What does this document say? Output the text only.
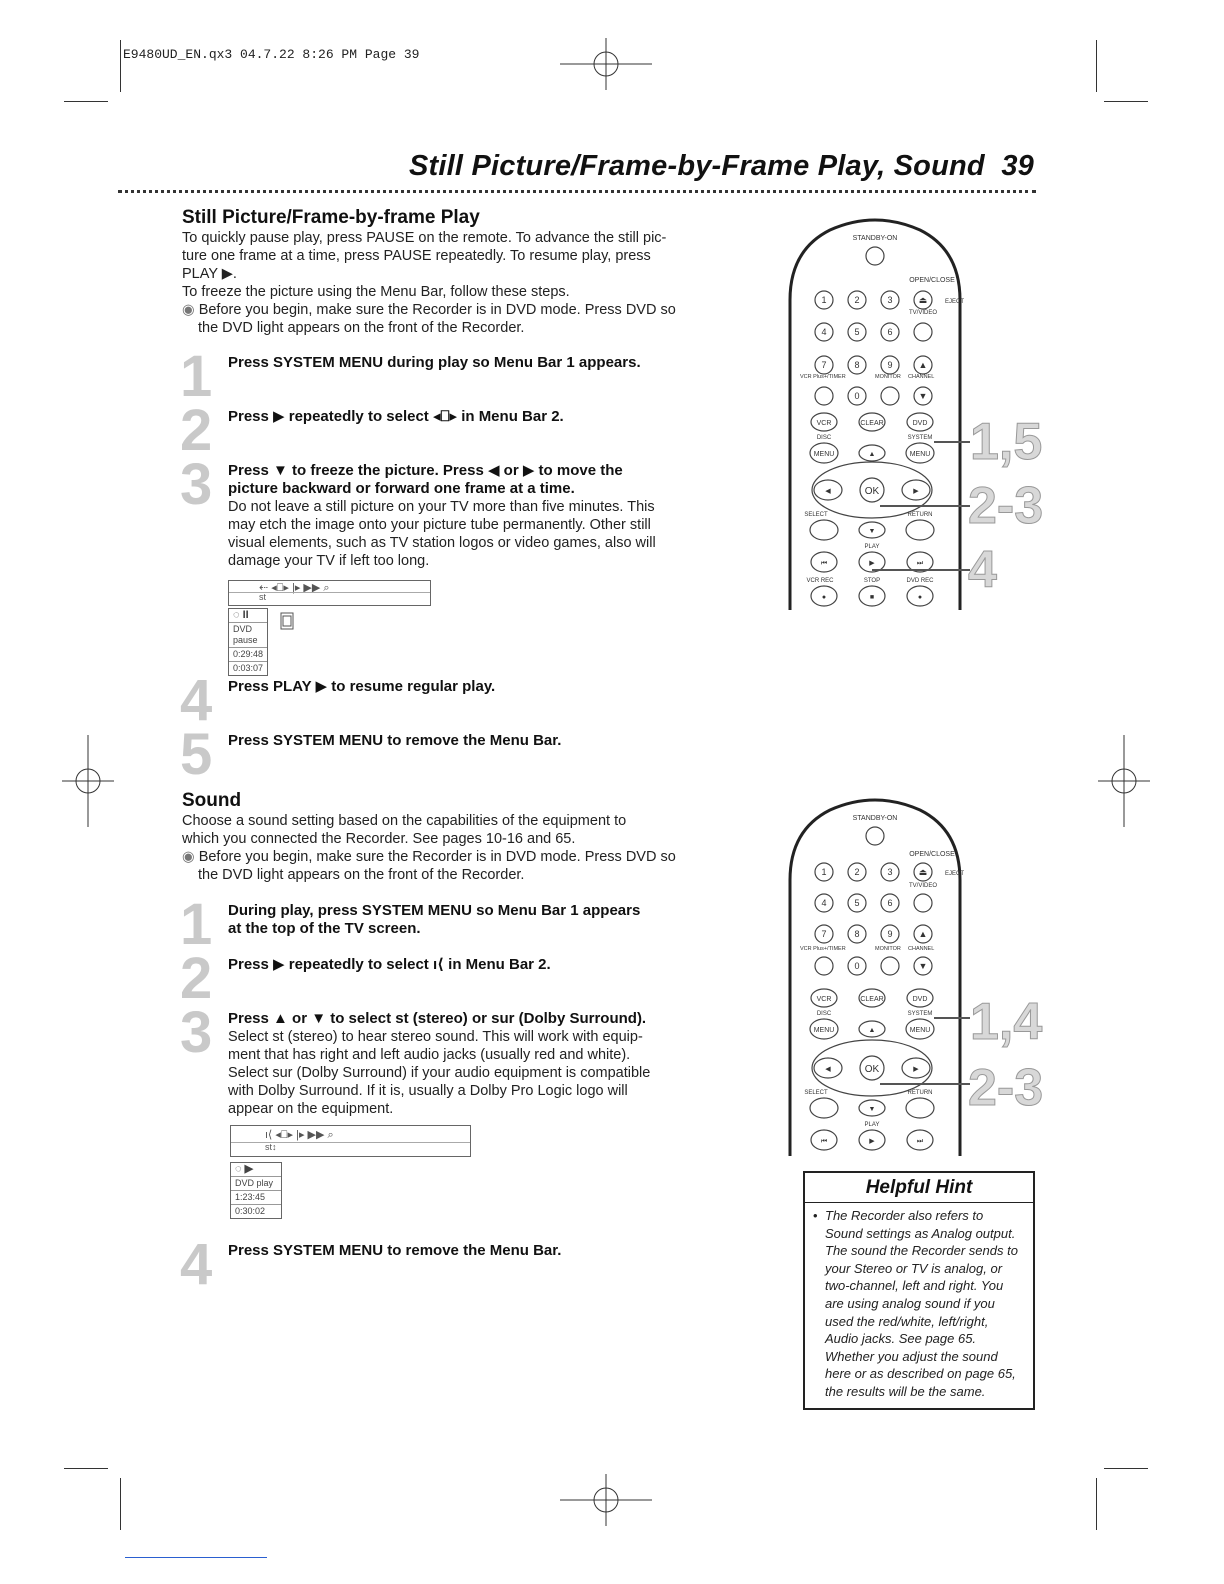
E9480UD_EN.qx3 04.7.22 8:26 PM Page 39
Still Picture/Frame-by-Frame Play, Sound 39
Still Picture/Frame-by-frame Play
To quickly pause play, press PAUSE on the remote. To advance the still pic-
ture one frame at a time, press PAUSE repeatedly. To resume play, press
PLAY ▶.
To freeze the picture using the Menu Bar, follow these steps.
◉ Before you begin, make sure the Recorder is in DVD mode. Press DVD so
the DVD light appears on the front of the Recorder.
1 Press SYSTEM MENU during play so Menu Bar 1 appears.
2 Press ▶ repeatedly to select ◂⎕▸ in Menu Bar 2.
3 Press ▼ to freeze the picture. Press ◀ or ▶ to move the
picture backward or forward one frame at a time.
Do not leave a still picture on your TV more than five minutes. This
may etch the image onto your picture tube permanently. Other still
visual elements, such as TV station logos or video games, also will
damage your TV if left too long.
⇠ ◂⎕▸ |▸ ▶▶ ⌕
st
◌ II
DVD pause
0:29:48
0:03:07
4 Press PLAY ▶ to resume regular play.
5 Press SYSTEM MENU to remove the Menu Bar.
Sound
Choose a sound setting based on the capabilities of the equipment to
which you connected the Recorder. See pages 10-16 and 65.
◉ Before you begin, make sure the Recorder is in DVD mode. Press DVD so
the DVD light appears on the front of the Recorder.
1 During play, press SYSTEM MENU so Menu Bar 1 appears
at the top of the TV screen.
2 Press ▶ repeatedly to select ı⟨ in Menu Bar 2.
3 Press ▲ or ▼ to select st (stereo) or sur (Dolby Surround).
Select st (stereo) to hear stereo sound. This will work with equip-
ment that has right and left audio jacks (usually red and white).
Select sur (Dolby Surround) if your audio equipment is compatible
with Dolby Surround. If it is, usually a Dolby Pro Logic logo will
appear on the equipment.
ı⟨ ◂⎕▸ |▸ ▶▶ ⌕
st↕
◌ ▶
DVD play
1:23:45
0:30:02
4 Press SYSTEM MENU to remove the Menu Bar.
STANDBY-ON
OPEN/CLOSE
1	2	3	⏏
4	5	6
7	8	9	▲
0	▼
EJECT
TV/VIDEO
VCR Plus+/TIMER	MONITOR CHANNEL
VCR	CLEAR	DVD
DISC	SYSTEM
MENU	▲	MENU
◀	OK	▶
SELECT	RETURN
▼
PLAY
⏮	▶	⏭
VCR REC	STOP	DVD REC
●	■	●
1,5
2-3
4
STANDBY-ON
OPEN/CLOSE
1	2	3	⏏
4	5	6
7	8	9	▲
0	▼
EJECT
TV/VIDEO
VCR Plus+/TIMER	MONITOR CHANNEL
VCR	CLEAR	DVD
DISC	SYSTEM
MENU	▲	MENU
◀	OK	▶
SELECT	RETURN
▼
PLAY
⏮	▶	⏭
1,4
2-3
Helpful Hint
• The Recorder also refers to
Sound settings as Analog output.
The sound the Recorder sends to
your Stereo or TV is analog, or
two-channel, left and right. You
are using analog sound if you
used the red/white, left/right,
Audio jacks. See page 65.
Whether you adjust the sound
here or as described on page 65,
the results will be the same.
